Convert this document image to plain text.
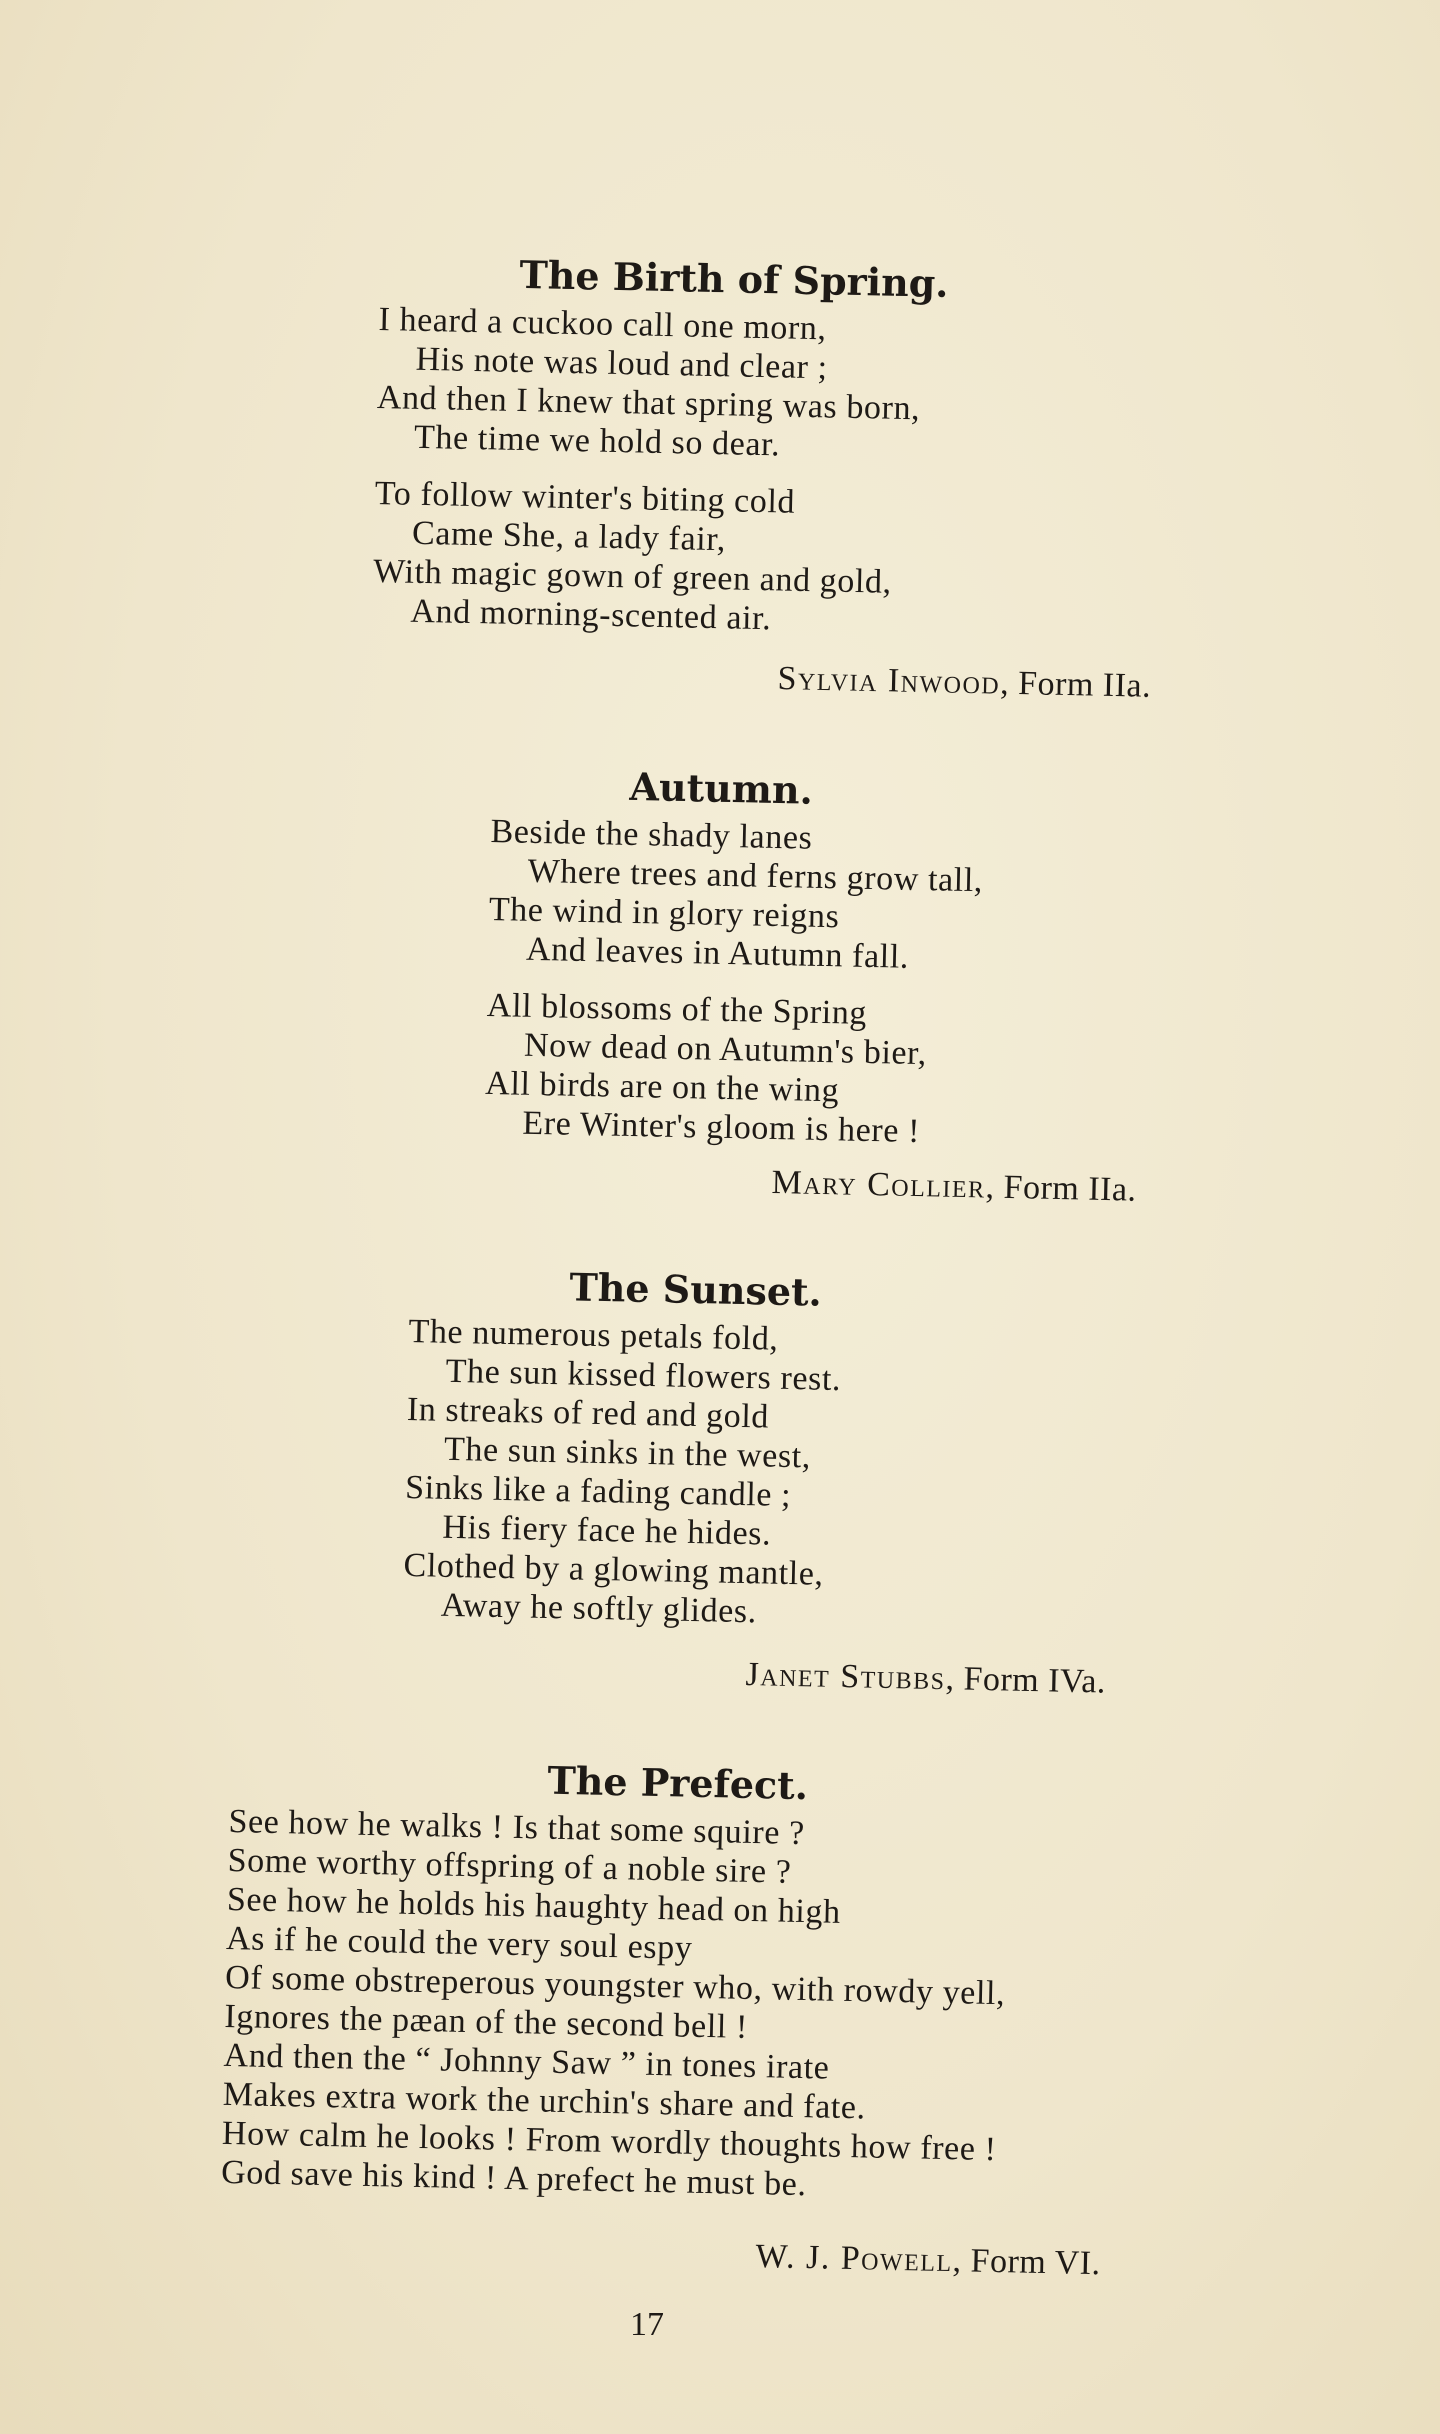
The Birth of Spring.
I heard a cuckoo call one morn,
His note was loud and clear ;
And then I knew that spring was born,
The time we hold so dear.
To follow winter's biting cold
Came She, a lady fair,
With magic gown of green and gold,
And morning-scented air.
Sylvia Inwood, Form IIa.
Autumn.
Beside the shady lanes
Where trees and ferns grow tall,
The wind in glory reigns
And leaves in Autumn fall.
All blossoms of the Spring
Now dead on Autumn's bier,
All birds are on the wing
Ere Winter's gloom is here !
Mary Collier, Form IIa.
The Sunset.
The numerous petals fold,
The sun kissed flowers rest.
In streaks of red and gold
The sun sinks in the west,
Sinks like a fading candle ;
His fiery face he hides.
Clothed by a glowing mantle,
Away he softly glides.
Janet Stubbs, Form IVa.
The Prefect.
See how he walks ! Is that some squire ?
Some worthy offspring of a noble sire ?
See how he holds his haughty head on high
As if he could the very soul espy
Of some obstreperous youngster who, with rowdy yell,
Ignores the pæan of the second bell !
And then the “ Johnny Saw ” in tones irate
Makes extra work the urchin's share and fate.
How calm he looks ! From wordly thoughts how free !
God save his kind ! A prefect he must be.
W. J. Powell, Form VI.
17
